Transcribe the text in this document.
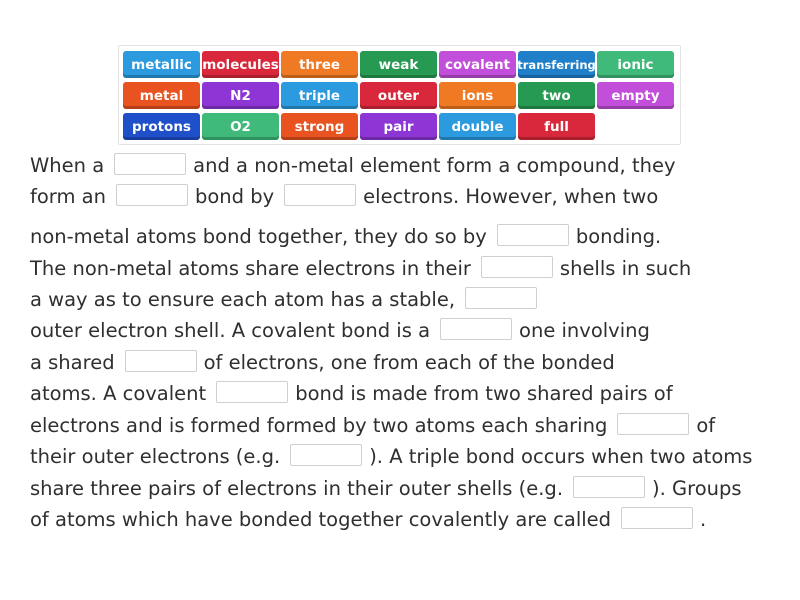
metallic molecules	three	weak	covalent transferring	ionic
metal	N2	triple	outer	ions	two	empty
protons	O2	strong	pair	double	full
When a	and a non-metal element form a compound, they
form an	bond by	electrons. However, when two
non-metal atoms bond together, they do so by	bonding.
The non-metal atoms share electrons in their	shells in such
a way as to ensure each atom has a stable,
outer electron shell. A covalent bond is a	one involving
a shared	of electrons, one from each of the bonded
atoms. A covalent	bond is made from two shared pairs of
electrons and is formed formed by two atoms each sharing	of
their outer electrons (e.g.	). A triple bond occurs when two atoms
share three pairs of electrons in their outer shells (e.g.	). Groups
of atoms which have bonded together covalently are called	.
